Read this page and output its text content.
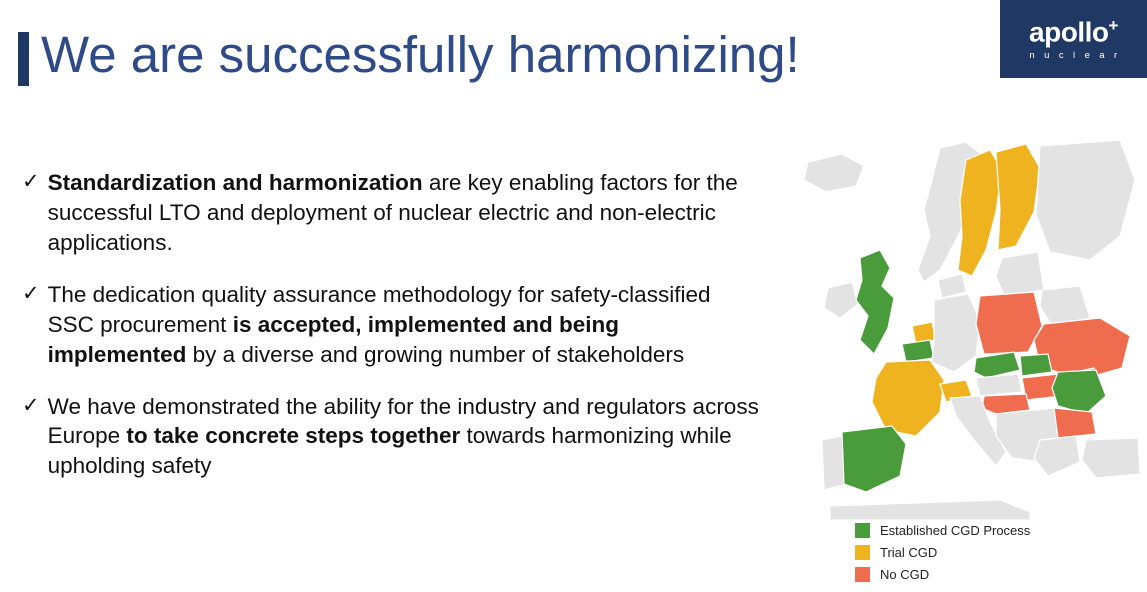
apollo+
n u c l e a r
We are successfully harmonizing!
✓ Standardization and harmonization are key enabling factors for the successful LTO and deployment of nuclear electric and non-electric applications.
✓ The dedication quality assurance methodology for safety-classified SSC procurement is accepted, implemented and being implemented by a diverse and growing number of stakeholders
✓ We have demonstrated the ability for the industry and regulators across Europe to take concrete steps together towards harmonizing while upholding safety
Established CGD Process
Trial CGD
No CGD
